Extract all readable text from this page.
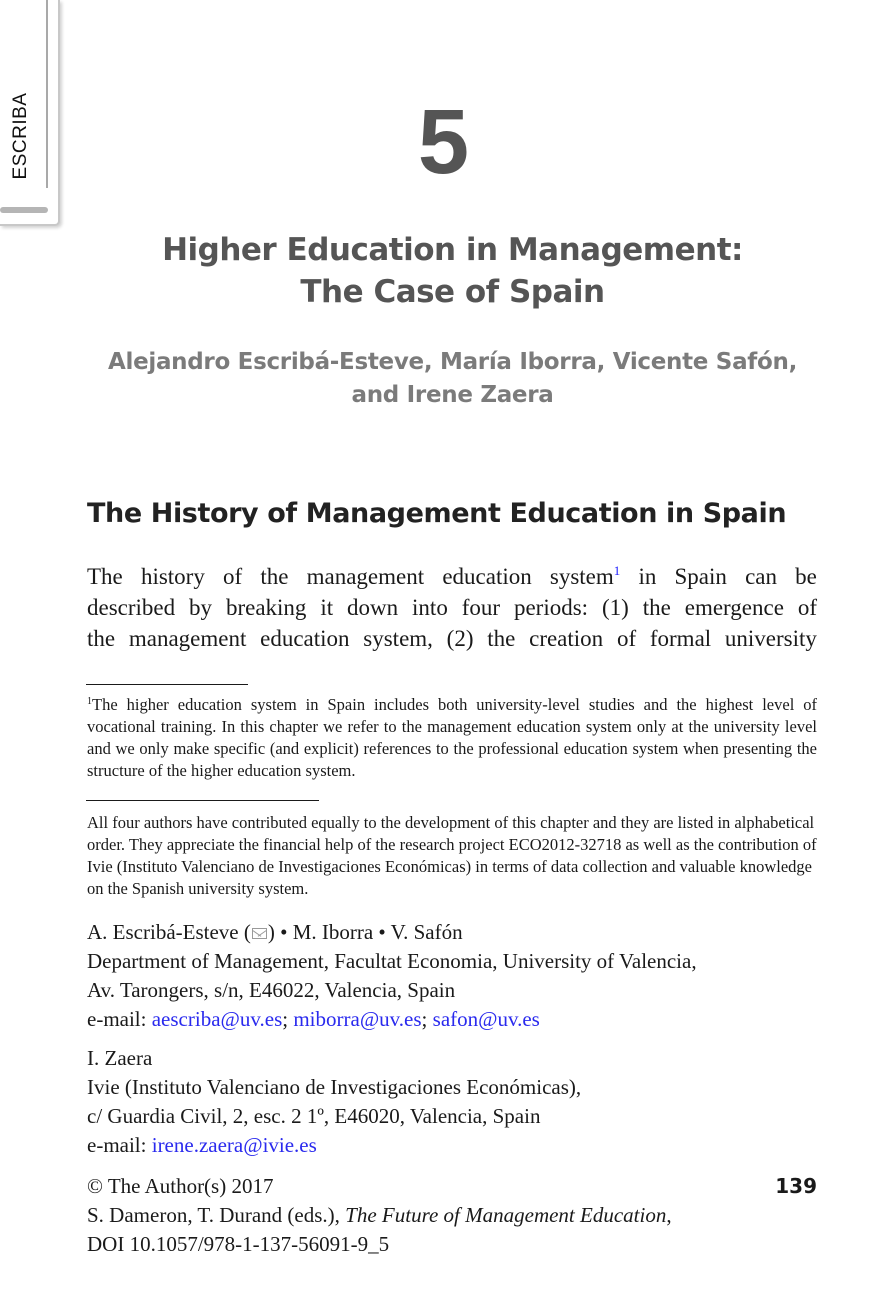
ESCRIBA	5
Higher Education in Management:
The Case of Spain
Alejandro Escribá-Esteve, María Iborra, Vicente Safón,
and Irene Zaera
The History of Management Education in Spain
The history of the management education system1 in Spain can be
described by breaking it down into four periods: (1) the emergence of
the management education system, (2) the creation of formal university
$^1$The higher education system in Spain includes both university-level studies and the highest level of vocational training. In this chapter we refer to the management education system only at the university level and we only make specific (and explicit) references to the professional education system when presenting the structure of the higher education system.
All four authors have contributed equally to the development of this chapter and they are listed in alphabetical order. They appreciate the financial help of the research project ECO2012-32718 as well as the contribution of Ivie (Instituto Valenciano de Investigaciones Económicas) in terms of data collection and valuable knowledge on the Spanish university system.
A. Escribá-Esteve ( ) • M. Iborra • V. Safón
Department of Management, Facultat Economia, University of Valencia,
Av. Tarongers, s/n, E46022, Valencia, Spain
e-mail: aescriba@uv.es; miborra@uv.es; safon@uv.es
I. Zaera
Ivie (Instituto Valenciano de Investigaciones Económicas),
c/ Guardia Civil, 2, esc. 2 1º, E46020, Valencia, Spain
e-mail: irene.zaera@ivie.es
© The Author(s) 2017
S. Dameron, T. Durand (eds.), The Future of Management Education,
DOI 10.1057/978-1-137-56091-9_5
139
